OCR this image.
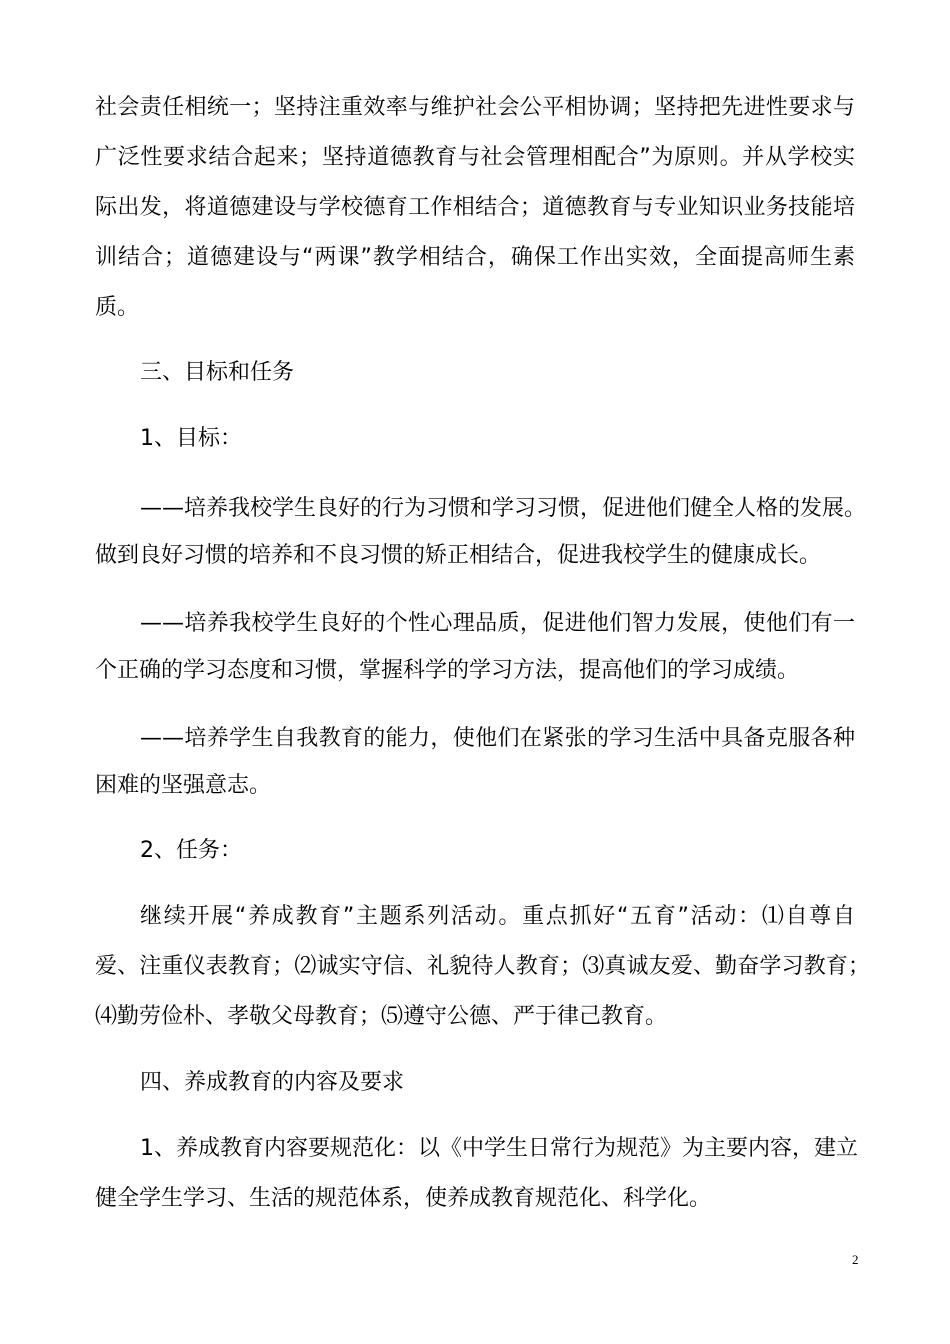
社会责任相统一；坚持注重效率与维护社会公平相协调；坚持把先进性要求与
广泛性要求结合起来；坚持道德教育与社会管理相配合”为原则。并从学校实
际出发，将道德建设与学校德育工作相结合；道德教育与专业知识业务技能培
训结合；道德建设与“两课”教学相结合，确保工作出实效，全面提高师生素
质。
三、目标和任务
1、目标：
——培养我校学生良好的行为习惯和学习习惯，促进他们健全人格的发展。
做到良好习惯的培养和不良习惯的矫正相结合，促进我校学生的健康成长。
——培养我校学生良好的个性心理品质，促进他们智力发展，使他们有一
个正确的学习态度和习惯，掌握科学的学习方法，提高他们的学习成绩。
——培养学生自我教育的能力，使他们在紧张的学习生活中具备克服各种
困难的坚强意志。
2、任务：
继续开展“养成教育”主题系列活动。重点抓好“五育”活动：⑴自尊自
爱、注重仪表教育；⑵诚实守信、礼貌待人教育；⑶真诚友爱、勤奋学习教育；
⑷勤劳俭朴、孝敬父母教育；⑸遵守公德、严于律己教育。
四、养成教育的内容及要求
1、养成教育内容要规范化：以《中学生日常行为规范》为主要内容，建立
健全学生学习、生活的规范体系，使养成教育规范化、科学化。
2
